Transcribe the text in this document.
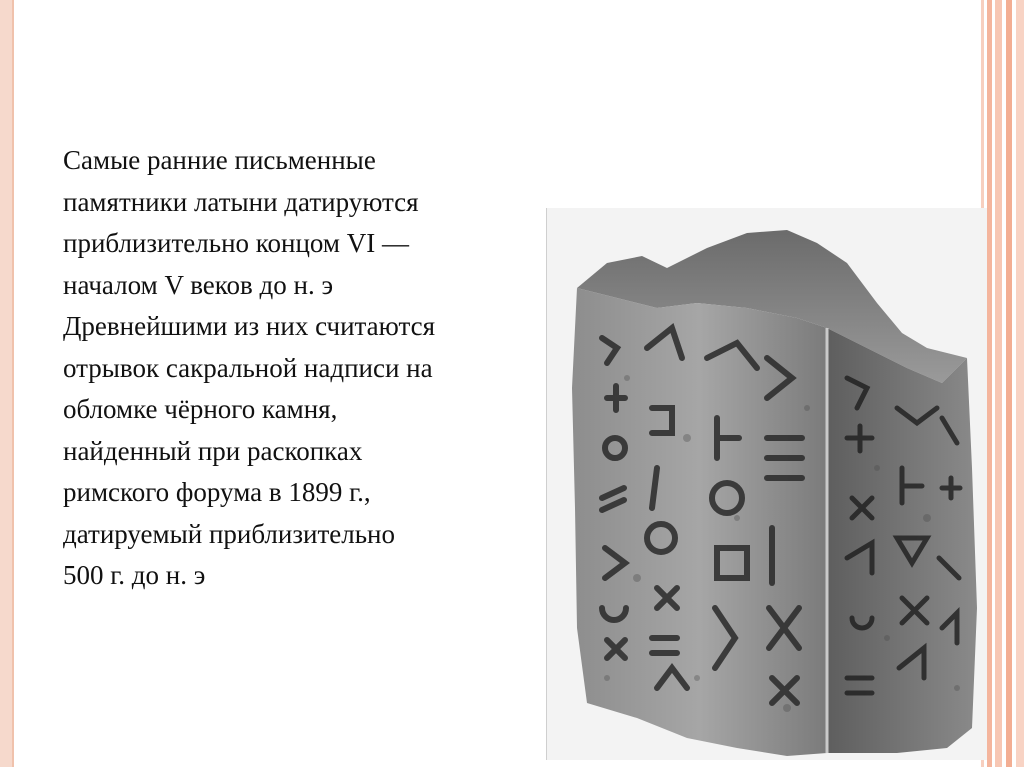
Самые ранние письменные
памятники латыни датируются
приблизительно концом VI —
началом V веков до н. э
Древнейшими из них считаются
отрывок сакральной надписи на
обломке чёрного камня,
найденный при раскопках
римского форума в 1899 г.,
датируемый приблизительно
500 г. до н. э
